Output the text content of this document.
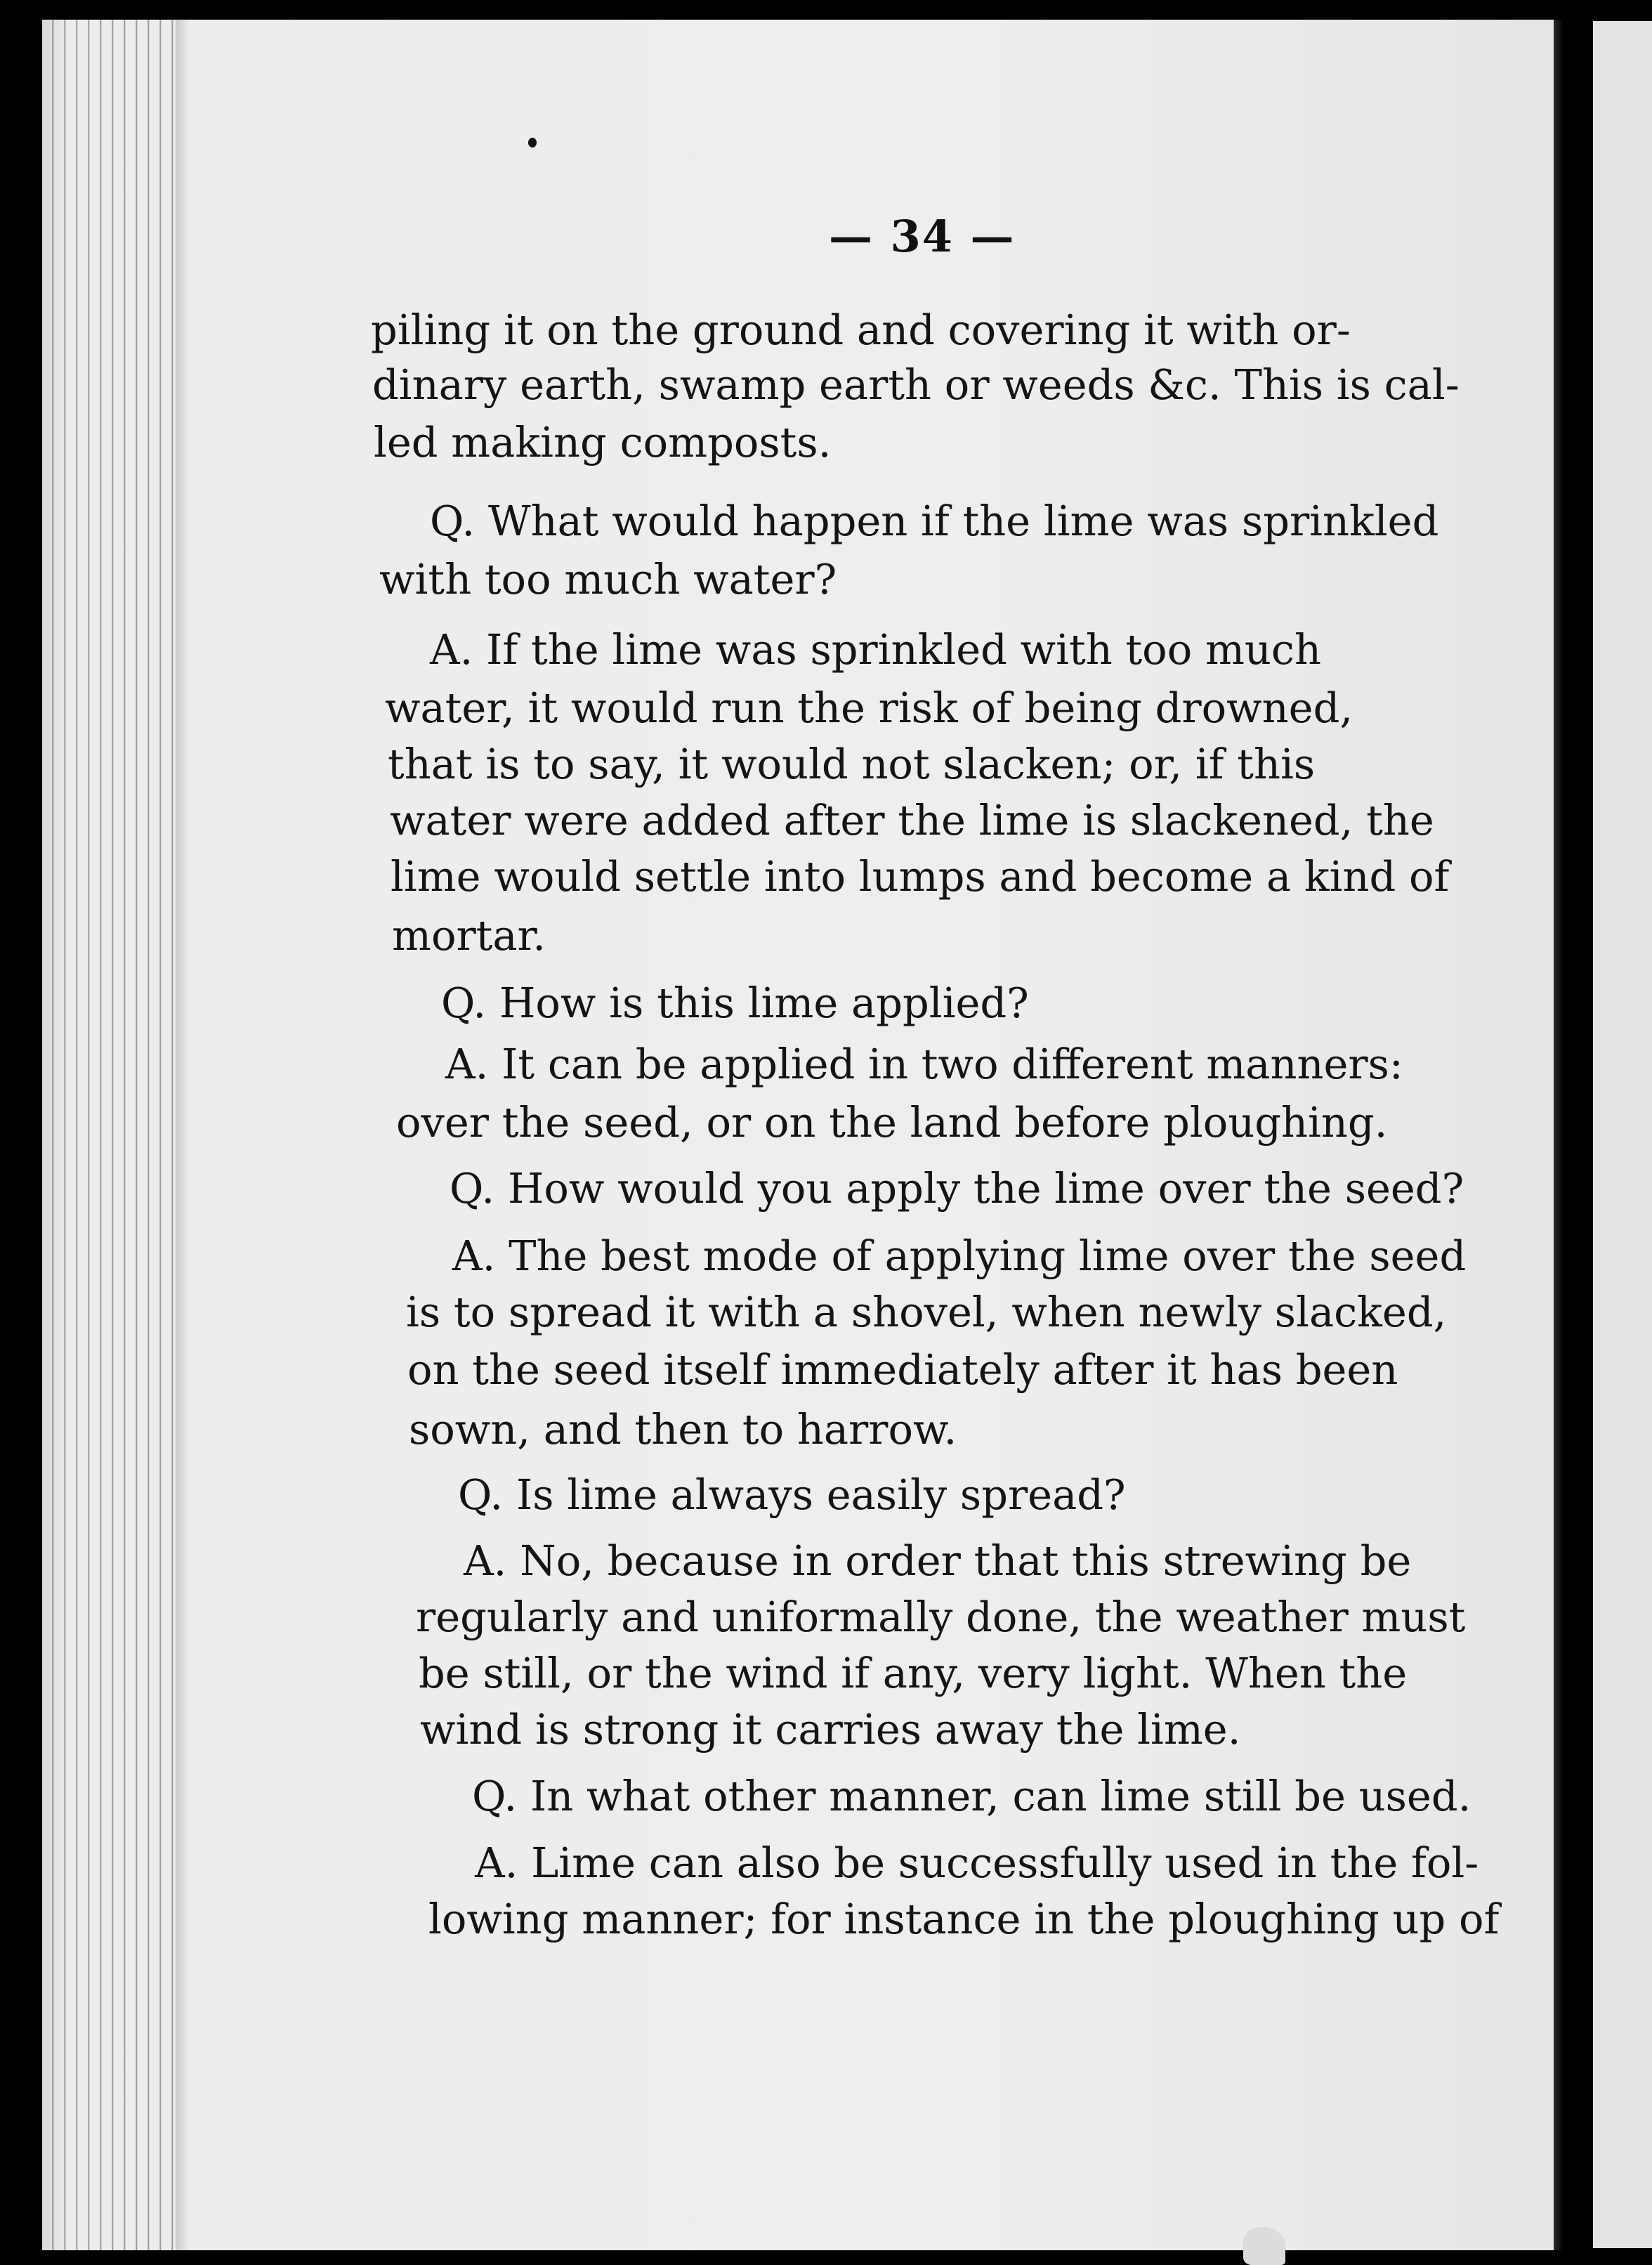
— 34 —
piling it on the ground and covering it with or-
dinary earth, swamp earth or weeds &c. This is cal-
led making composts.
Q. What would happen if the lime was sprinkled
with too much water?
A. If the lime was sprinkled with too much
water, it would run the risk of being drowned,
that is to say, it would not slacken; or, if this
water were added after the lime is slackened, the
lime would settle into lumps and become a kind of
mortar.
Q. How is this lime applied?
A. It can be applied in two different manners:
over the seed, or on the land before ploughing.
Q. How would you apply the lime over the seed?
A. The best mode of applying lime over the seed
is to spread it with a shovel, when newly slacked,
on the seed itself immediately after it has been
sown, and then to harrow.
Q. Is lime always easily spread?
A. No, because in order that this strewing be
regularly and uniformally done, the weather must
be still, or the wind if any, very light. When the
wind is strong it carries away the lime.
Q. In what other manner, can lime still be used.
A. Lime can also be successfully used in the fol-
lowing manner; for instance in the ploughing up of
